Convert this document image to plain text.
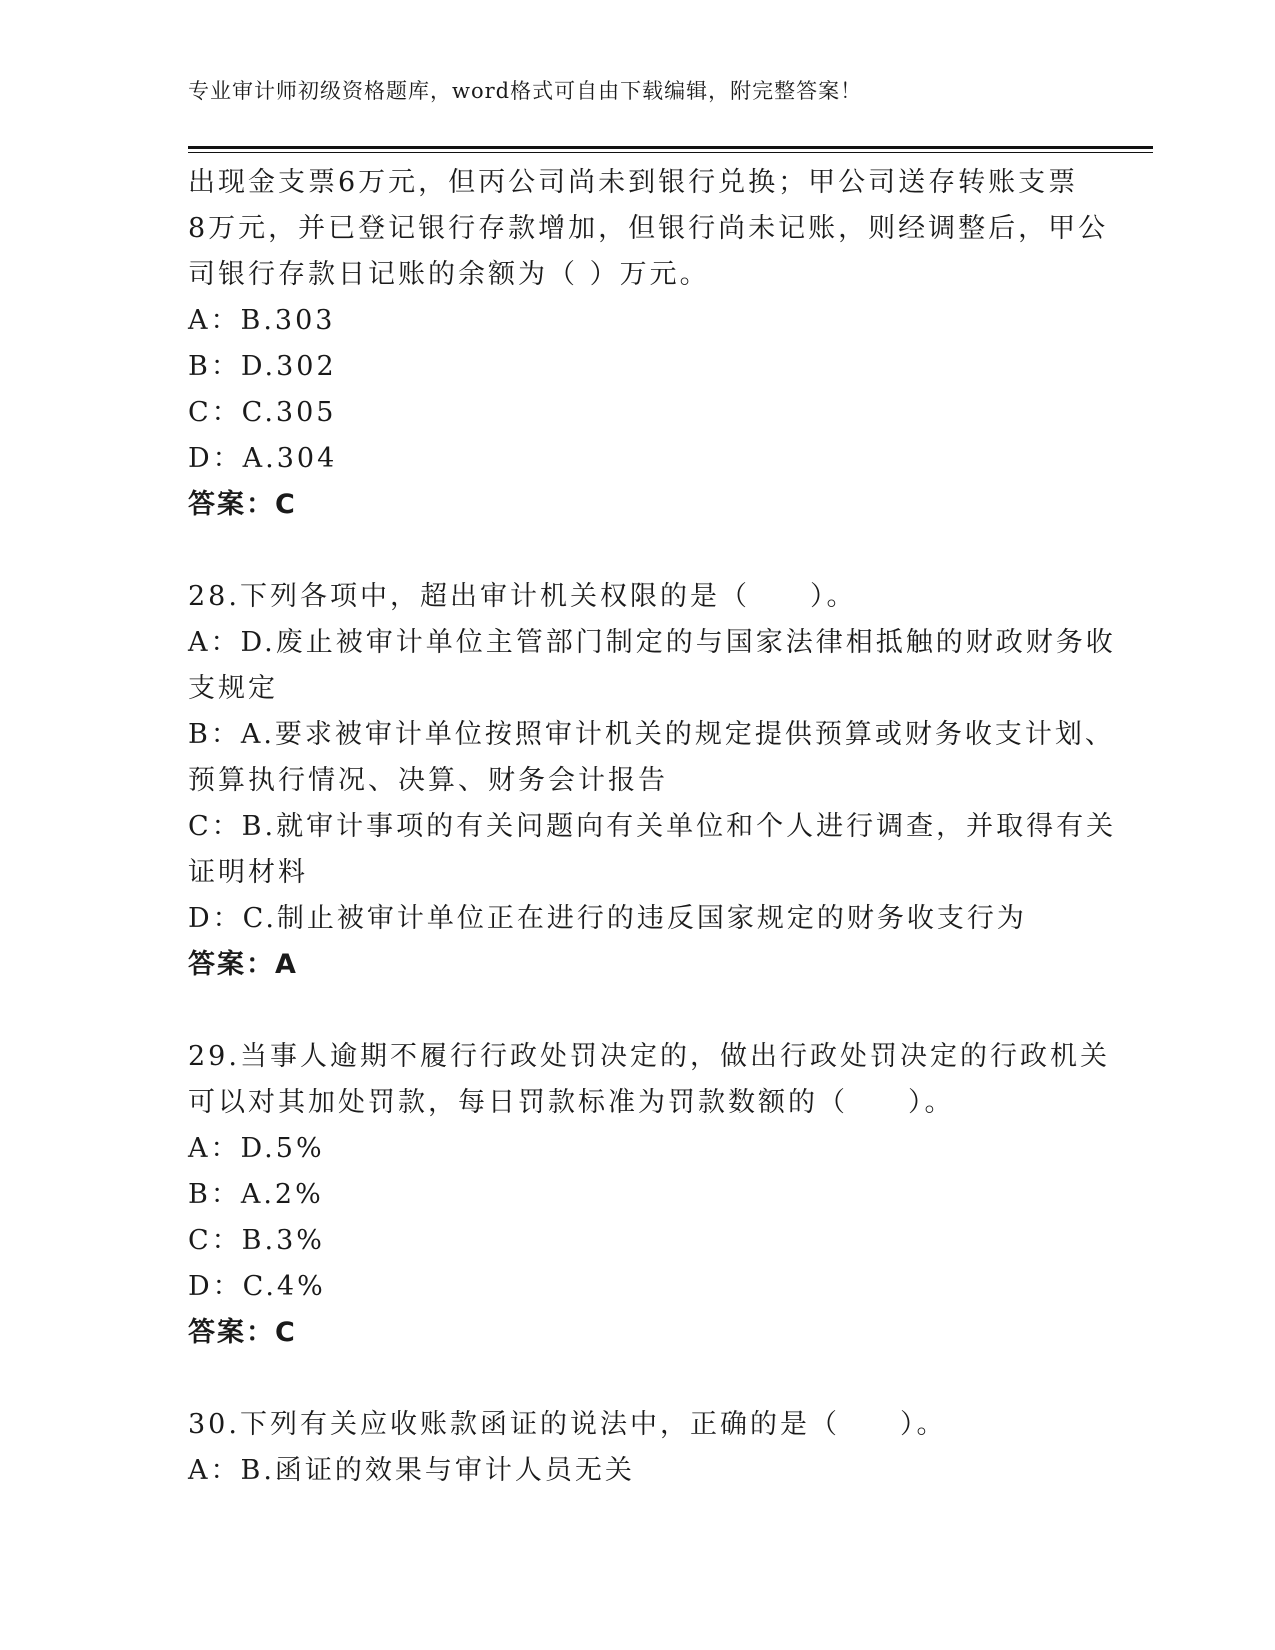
专业审计师初级资格题库，word格式可自由下载编辑，附完整答案！
出现金支票6万元，但丙公司尚未到银行兑换；甲公司送存转账支票
8万元，并已登记银行存款增加，但银行尚未记账，则经调整后，甲公
司银行存款日记账的余额为（ ）万元。
A：B.303
B：D.302
C：C.305
D：A.304
答案：C
28.下列各项中，超出审计机关权限的是（　　）。
A：D.废止被审计单位主管部门制定的与国家法律相抵触的财政财务收
支规定
B：A.要求被审计单位按照审计机关的规定提供预算或财务收支计划、
预算执行情况、决算、财务会计报告
C：B.就审计事项的有关问题向有关单位和个人进行调查，并取得有关
证明材料
D：C.制止被审计单位正在进行的违反国家规定的财务收支行为
答案：A
29.当事人逾期不履行行政处罚决定的，做出行政处罚决定的行政机关
可以对其加处罚款，每日罚款标准为罚款数额的（　　）。
A：D.5%
B：A.2%
C：B.3%
D：C.4%
答案：C
30.下列有关应收账款函证的说法中，正确的是（　　）。
A：B.函证的效果与审计人员无关
